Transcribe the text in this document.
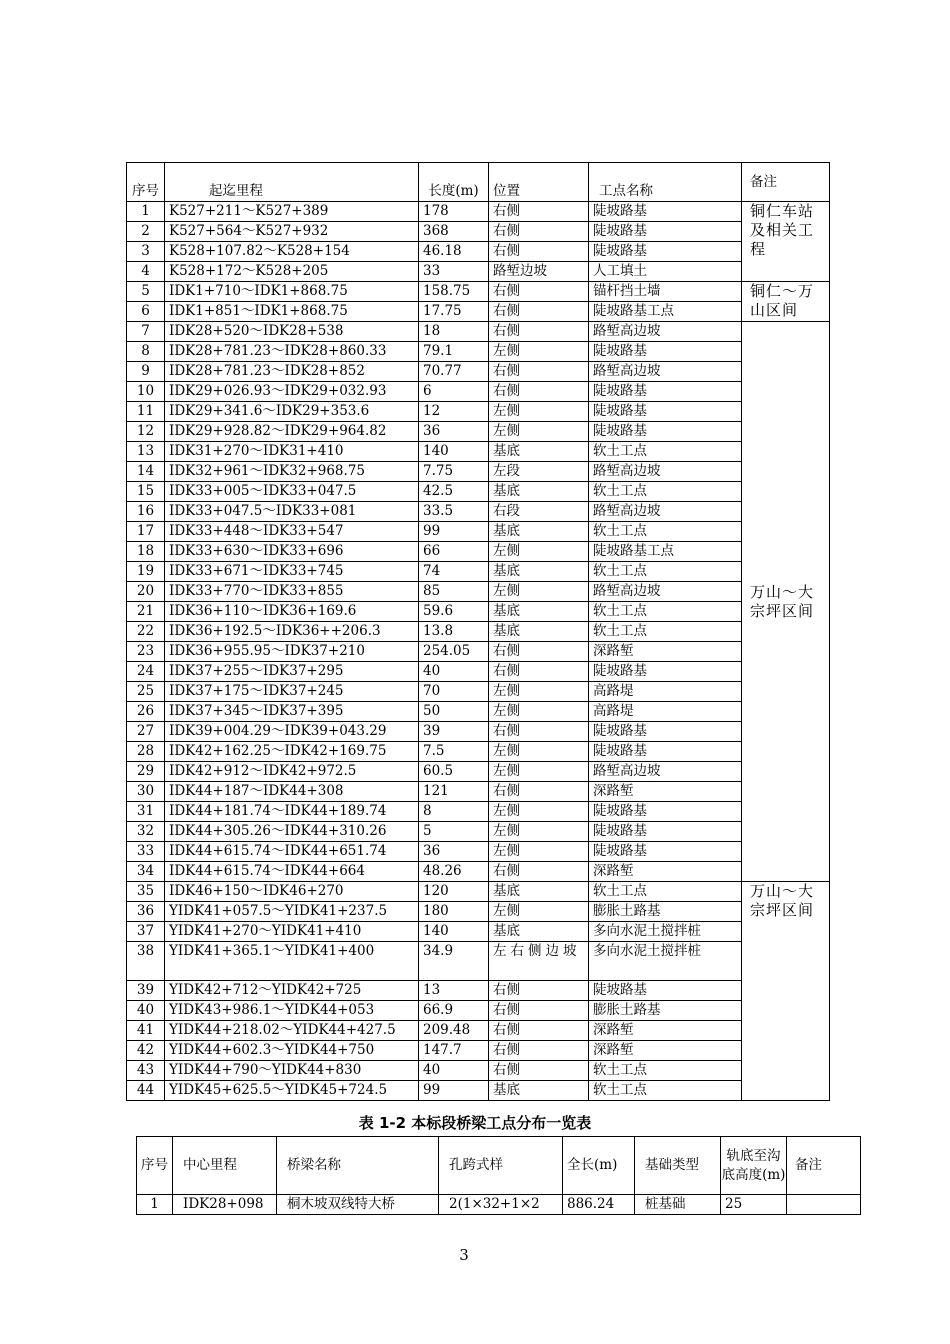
序号	起迄里程	长度(m)	位置	工点名称	备注
1	K527+211～K527+389	178	右侧	陡坡路基	铜仁车站及相关工程
2	K527+564～K527+932	368	右侧	陡坡路基	
3	K528+107.82～K528+154	46.18	右侧	陡坡路基	
4	K528+172～K528+205	33	路堑边坡	人工填土	
5	IDK1+710～IDK1+868.75	158.75	右侧	锚杆挡土墙	铜仁～万山区间
6	IDK1+851～IDK1+868.75	17.75	右侧	陡坡路基工点	
7	IDK28+520～IDK28+538	18	右侧	路堑高边坡	万山～大宗坪区间
8	IDK28+781.23～IDK28+860.33	79.1	左侧	陡坡路基	
9	IDK28+781.23～IDK28+852	70.77	右侧	路堑高边坡	
10	IDK29+026.93～IDK29+032.93	6	右侧	陡坡路基	
11	IDK29+341.6～IDK29+353.6	12	左侧	陡坡路基	
12	IDK29+928.82～IDK29+964.82	36	左侧	陡坡路基	
13	IDK31+270～IDK31+410	140	基底	软土工点	
14	IDK32+961～IDK32+968.75	7.75	左段	路堑高边坡	
15	IDK33+005～IDK33+047.5	42.5	基底	软土工点	
16	IDK33+047.5～IDK33+081	33.5	右段	路堑高边坡	
17	IDK33+448～IDK33+547	99	基底	软土工点	
18	IDK33+630～IDK33+696	66	左侧	陡坡路基工点	
19	IDK33+671～IDK33+745	74	基底	软土工点	
20	IDK33+770～IDK33+855	85	左侧	路堑高边坡	
21	IDK36+110～IDK36+169.6	59.6	基底	软土工点	
22	IDK36+192.5～IDK36++206.3	13.8	基底	软土工点	
23	IDK36+955.95～IDK37+210	254.05	右侧	深路堑	
24	IDK37+255～IDK37+295	40	右侧	陡坡路基	
25	IDK37+175～IDK37+245	70	左侧	高路堤	
26	IDK37+345～IDK37+395	50	左侧	高路堤	
27	IDK39+004.29～IDK39+043.29	39	右侧	陡坡路基	
28	IDK42+162.25～IDK42+169.75	7.5	左侧	陡坡路基	
29	IDK42+912～IDK42+972.5	60.5	左侧	路堑高边坡	
30	IDK44+187～IDK44+308	121	右侧	深路堑	
31	IDK44+181.74～IDK44+189.74	8	左侧	陡坡路基	
32	IDK44+305.26～IDK44+310.26	5	左侧	陡坡路基	
33	IDK44+615.74～IDK44+651.74	36	左侧	陡坡路基	
34	IDK44+615.74～IDK44+664	48.26	右侧	深路堑	
35	IDK46+150～IDK46+270	120	基底	软土工点	万山～大宗坪区间
36	YIDK41+057.5～YIDK41+237.5	180	左侧	膨胀土路基	
37	YIDK41+270～YIDK41+410	140	基底	多向水泥土搅拌桩	
38	YIDK41+365.1～YIDK41+400	34.9	左右侧边坡	多向水泥土搅拌桩	
39	YIDK42+712～YIDK42+725	13	右侧	陡坡路基	
40	YIDK43+986.1～YIDK44+053	66.9	右侧	膨胀土路基	
41	YIDK44+218.02～YIDK44+427.5	209.48	右侧	深路堑	
42	YIDK44+602.3～YIDK44+750	147.7	右侧	深路堑	
43	YIDK44+790～YIDK44+830	40	右侧	软土工点	
44	YIDK45+625.5～YIDK45+724.5	99	基底	软土工点	
表 1-2 本标段桥梁工点分布一览表
序号	中心里程	桥梁名称	孔跨式样	全长(m)	基础类型	轨底至沟底高度(m)	备注
1	IDK28+098	桐木坡双线特大桥	2(1×32+1×2	886.24	桩基础	25	
3
